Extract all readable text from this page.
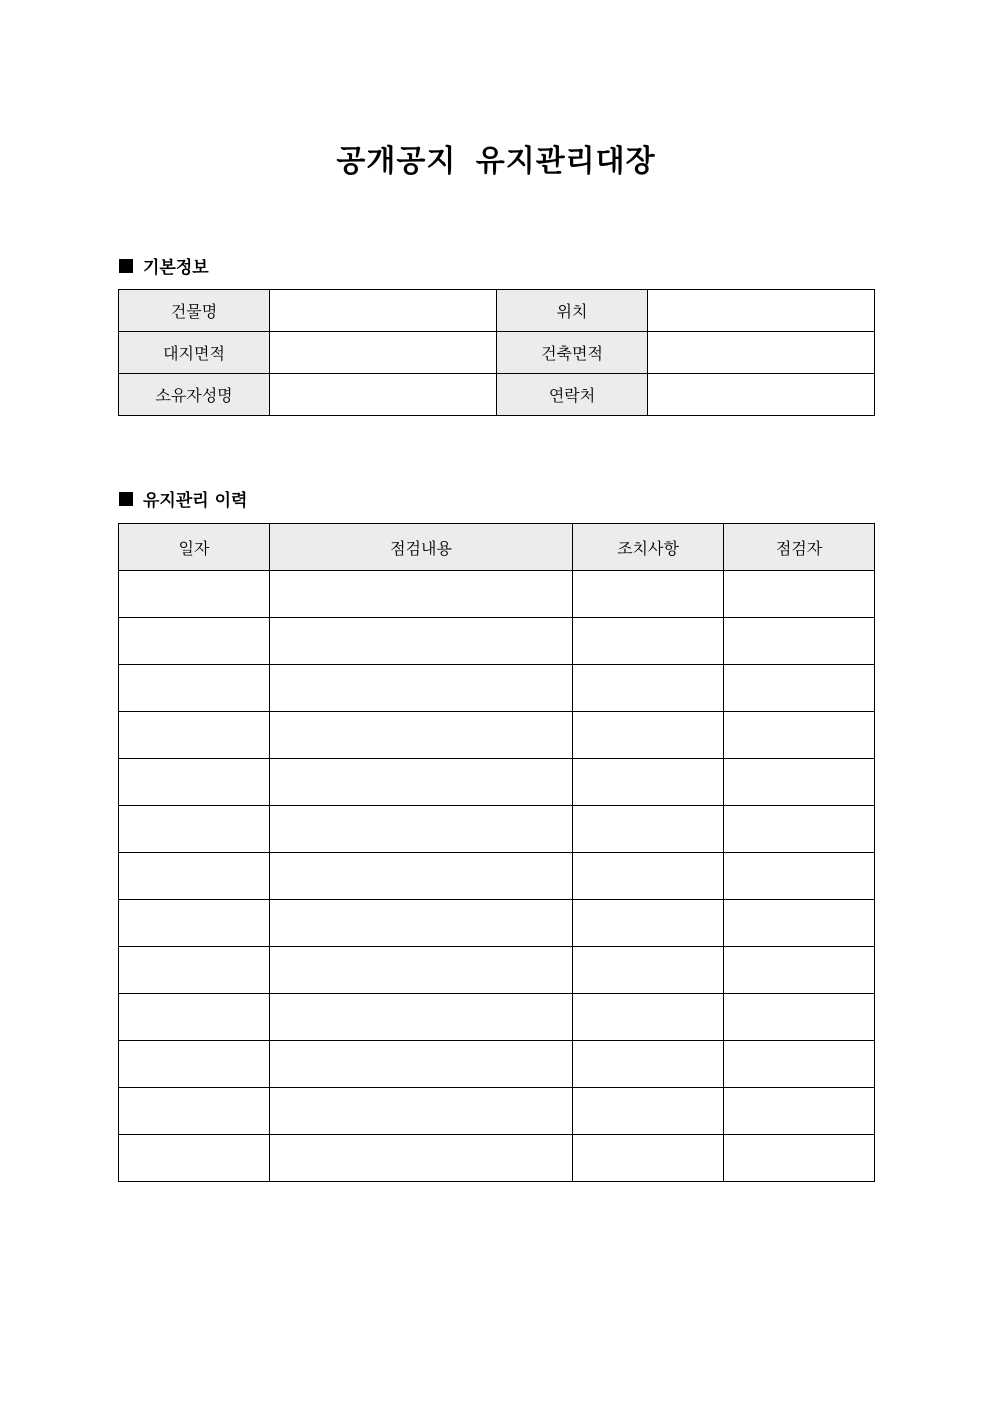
공개공지 유지관리대장
기본정보
건물명		위치	
대지면적		건축면적	
소유자성명		연락처	
유지관리 이력
일자	점검내용	조치사항	점검자
